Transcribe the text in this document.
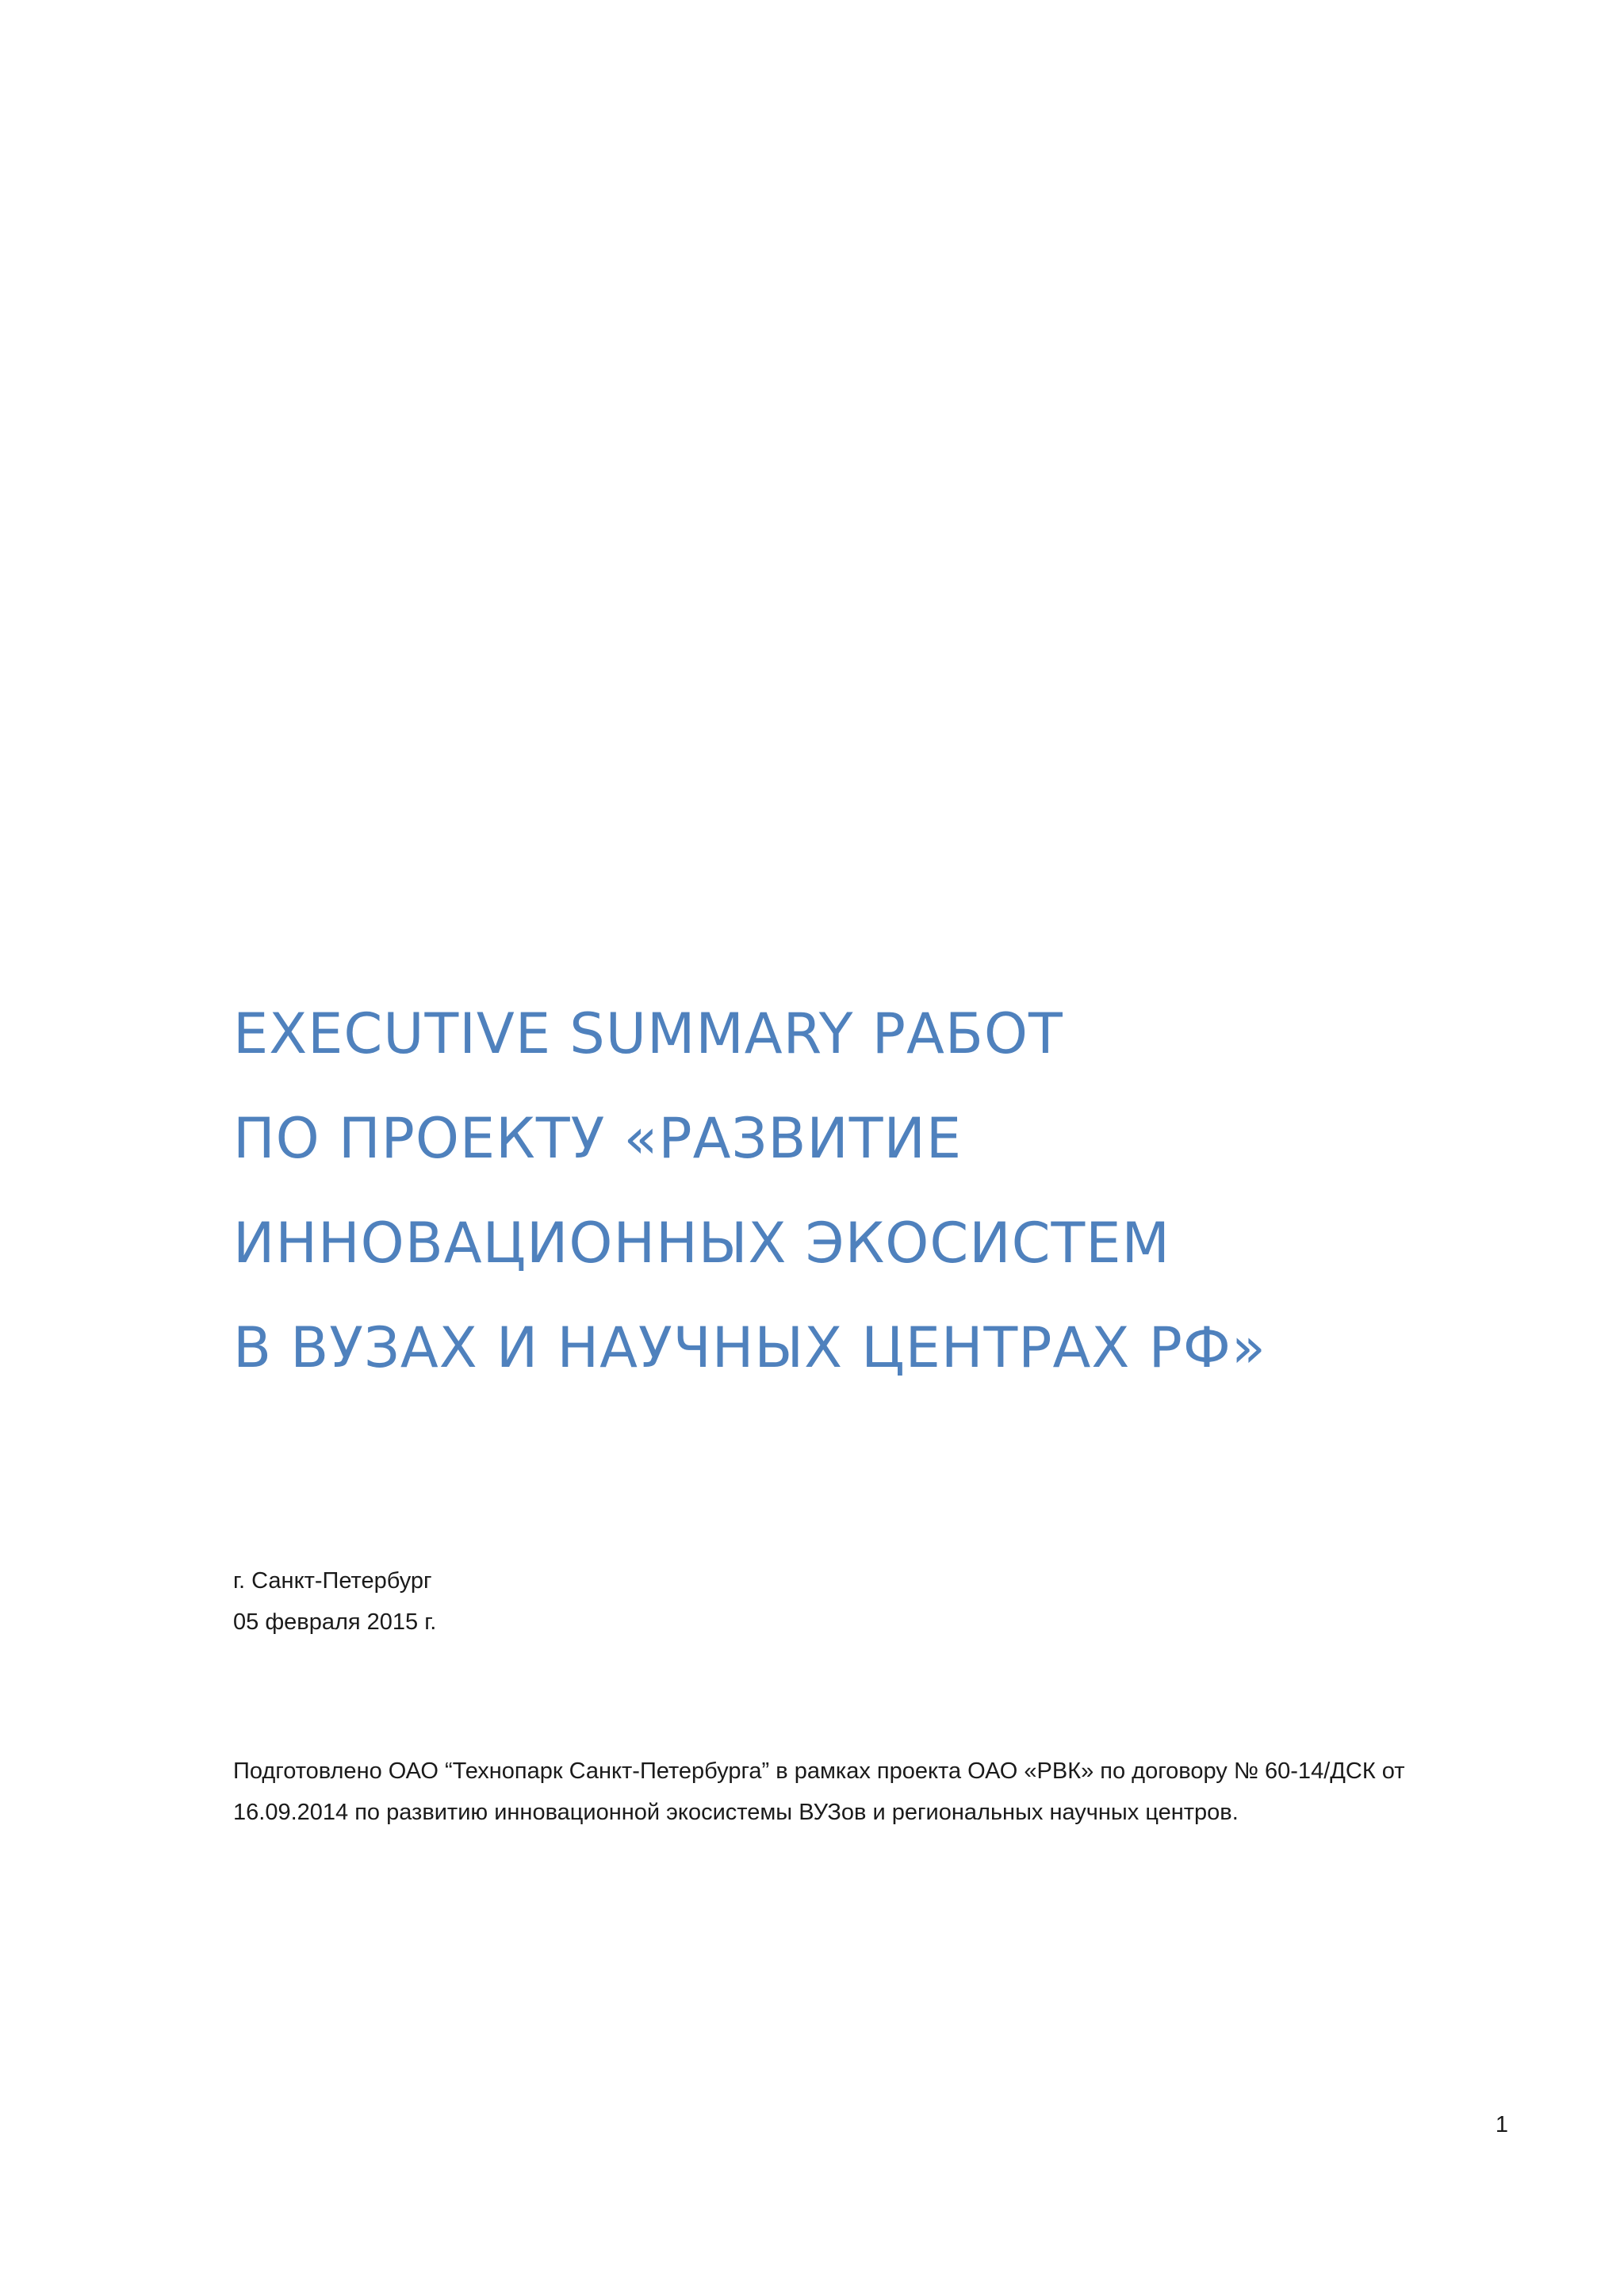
EXECUTIVE SUMMARY РАБОТ
ПО ПРОЕКТУ «РАЗВИТИЕ
ИННОВАЦИОННЫХ ЭКОСИСТЕМ
В ВУЗАХ И НАУЧНЫХ ЦЕНТРАХ РФ»
г. Санкт-Петербург
05 февраля 2015 г.
Подготовлено ОАО “Технопарк Санкт-Петербурга” в рамках проекта ОАО «РВК» по договору № 60-14/ДСК от
16.09.2014 по развитию инновационной экосистемы ВУЗов и региональных научных центров.
1
